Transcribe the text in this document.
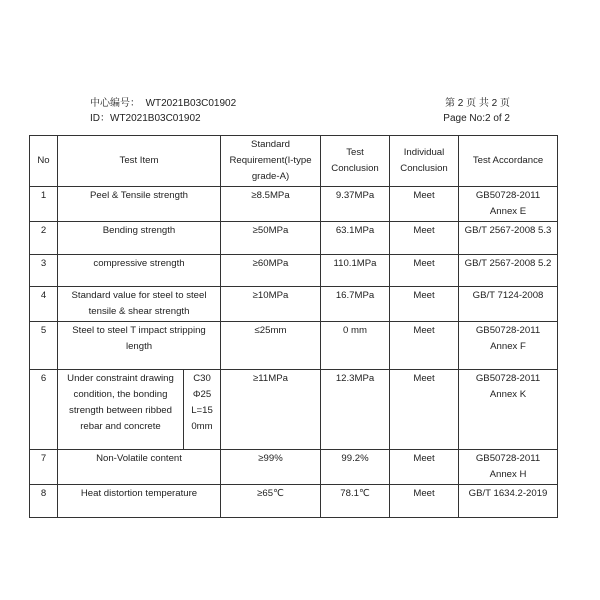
中心编号： WT2021B03C01902	第 2 页 共 2 页
ID：WT2021B03C01902	Page No:2 of 2
No	Test Item		Standard Requirement(I-type grade-A)	Test Conclusion	Individual Conclusion	Test Accordance
1	Peel & Tensile strength		≥8.5MPa	9.37MPa	Meet	GB50728-2011 Annex E
2	Bending strength		≥50MPa	63.1MPa	Meet	GB/T 2567-2008 5.3
3	compressive strength		≥60MPa	110.1MPa	Meet	GB/T 2567-2008 5.2
4	Standard value for steel to steel tensile & shear strength		≥10MPa	16.7MPa	Meet	GB/T 7124-2008
5	Steel to steel T impact stripping length		≤25mm	0 mm	Meet	GB50728-2011 Annex F
6	Under constraint drawing condition, the bonding strength between ribbed rebar and concrete	C30 Φ25 L=15 0mm	≥11MPa	12.3MPa	Meet	GB50728-2011 Annex K
7	Non-Volatile content		≥99%	99.2%	Meet	GB50728-2011 Annex H
8	Heat distortion temperature		≥65℃	78.1℃	Meet	GB/T 1634.2-2019
